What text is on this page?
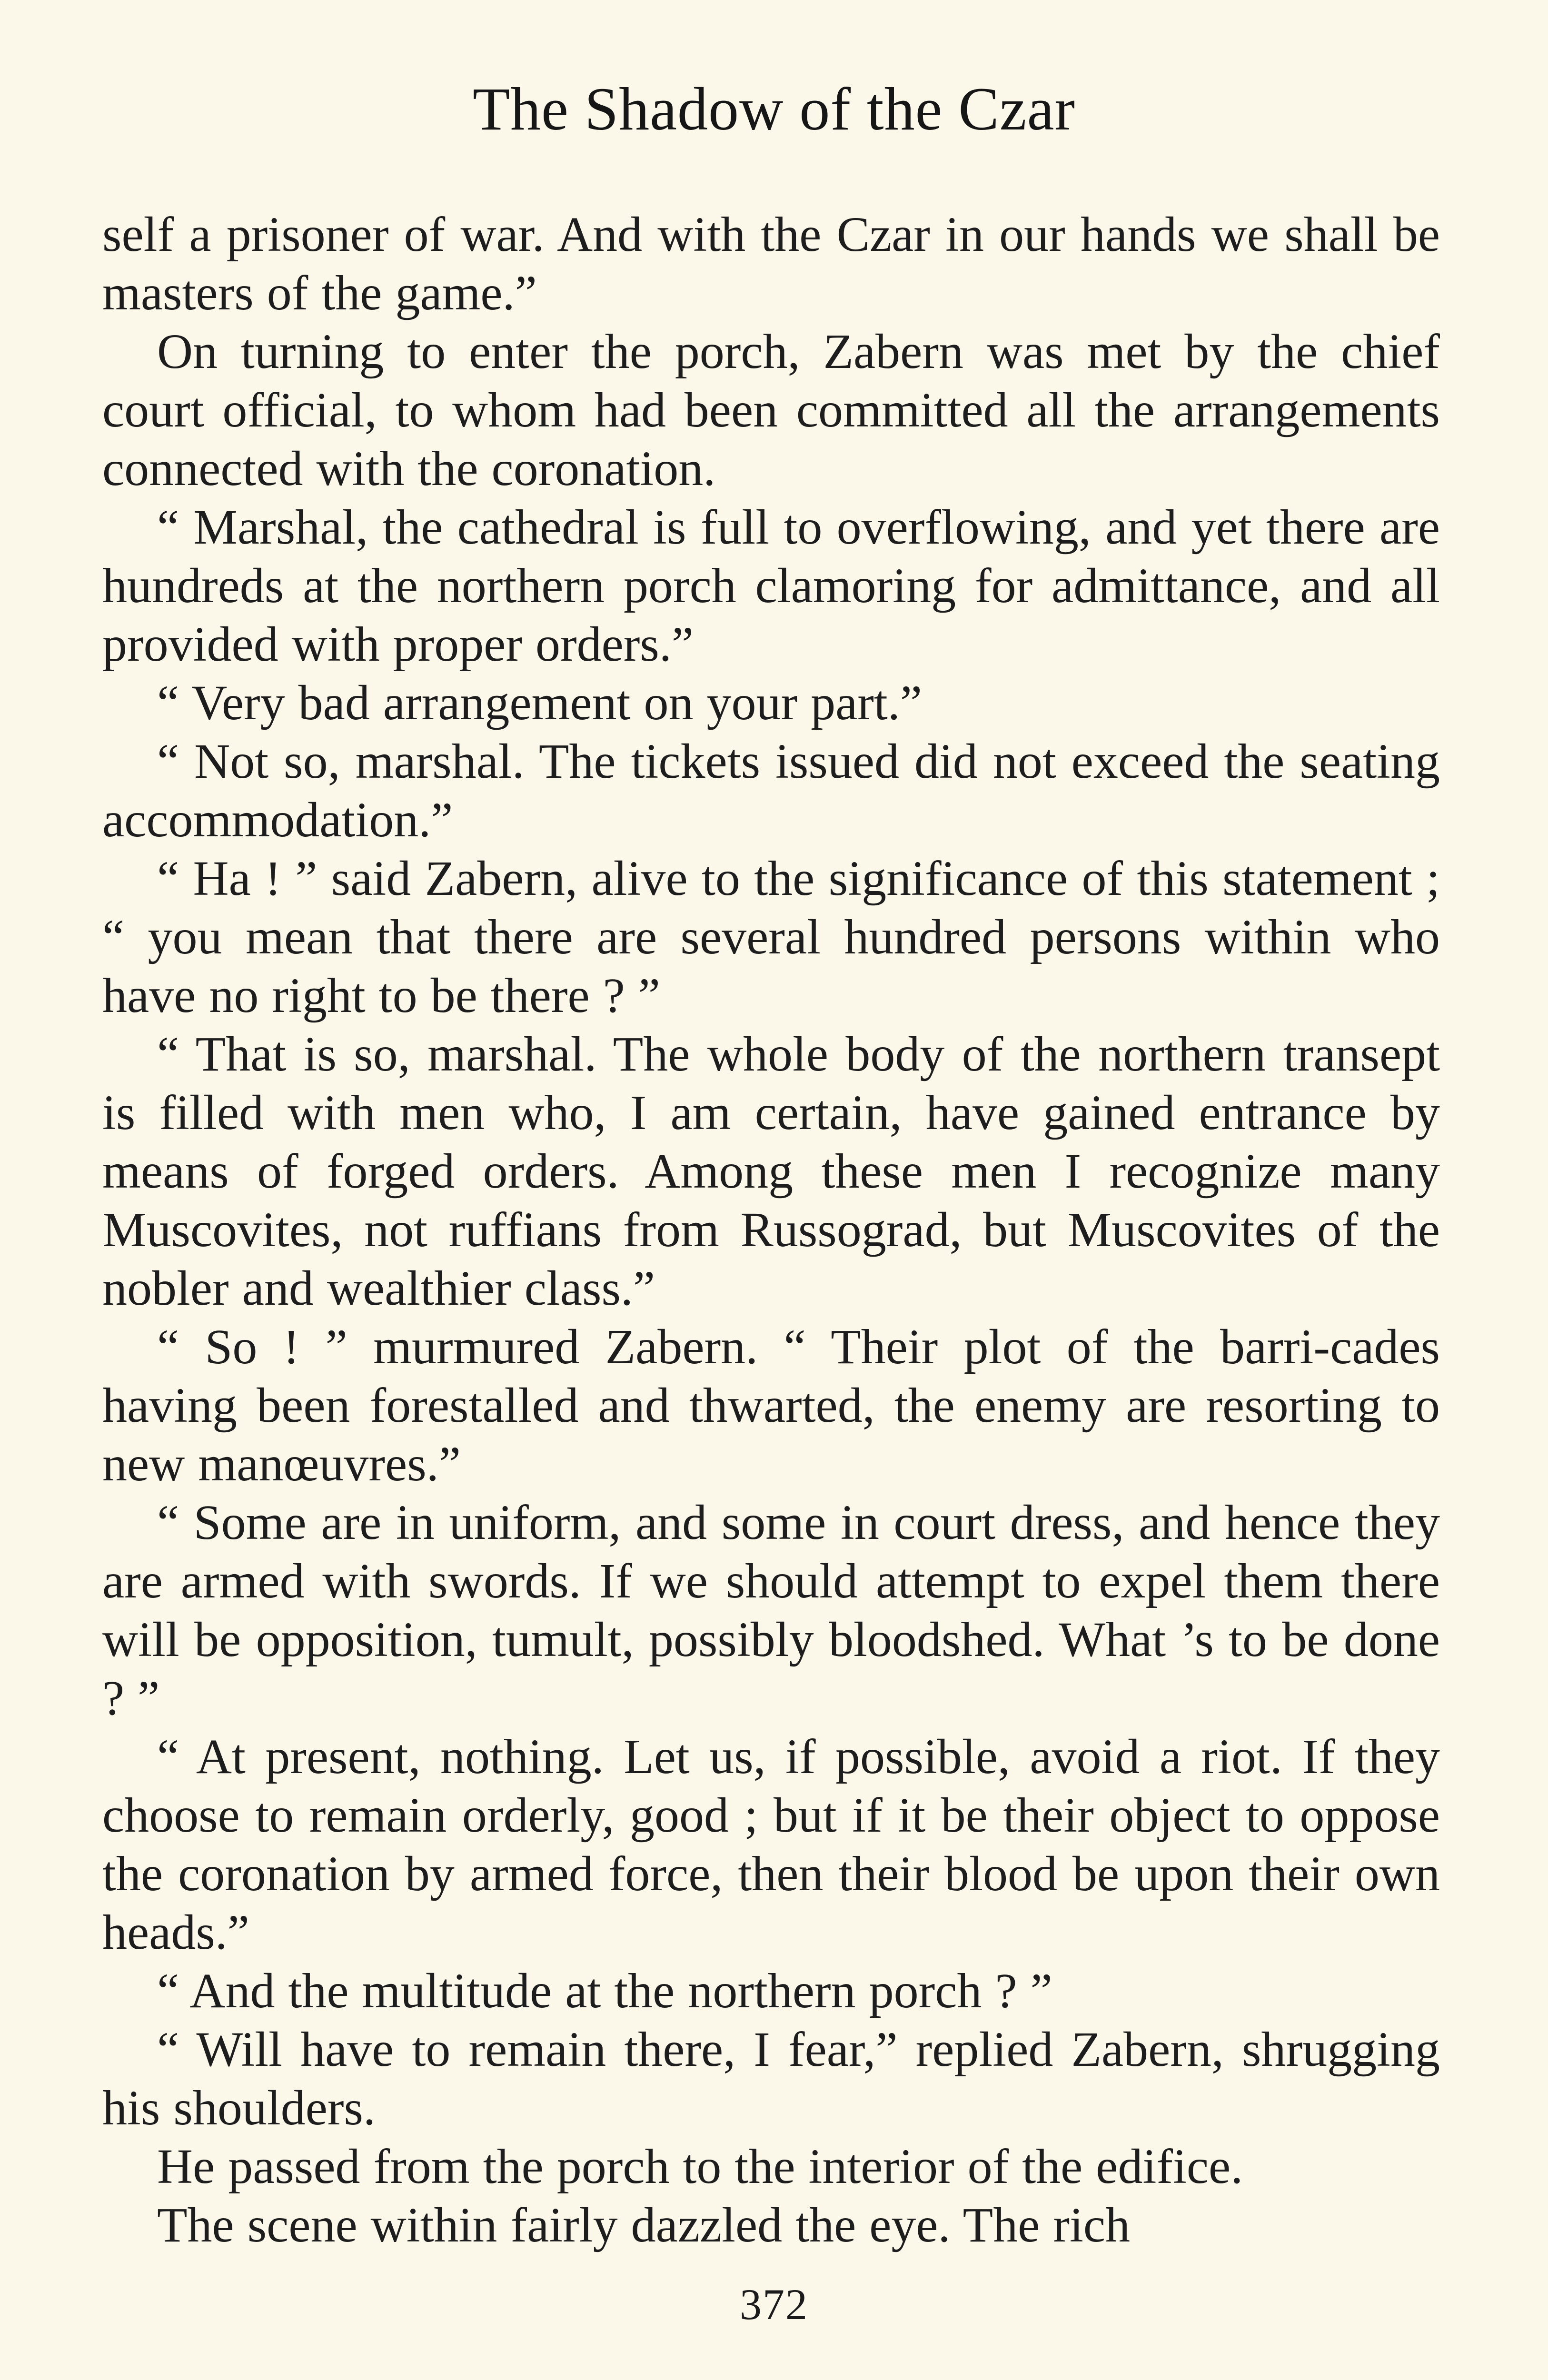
The Shadow of the Czar

self a prisoner of war. And with the Czar in our hands we shall be masters of the game.”

On turning to enter the porch, Zabern was met by the chief court official, to whom had been committed all the arrangements connected with the coronation.

“ Marshal, the cathedral is full to overflowing, and yet there are hundreds at the northern porch clamoring for admittance, and all provided with proper orders.”

“ Very bad arrangement on your part.”

“ Not so, marshal. The tickets issued did not exceed the seating accommodation.”

“ Ha ! ” said Zabern, alive to the significance of this statement ; “ you mean that there are several hundred persons within who have no right to be there ? ”

“ That is so, marshal. The whole body of the northern transept is filled with men who, I am certain, have gained entrance by means of forged orders. Among these men I recognize many Muscovites, not ruffians from Russograd, but Muscovites of the nobler and wealthier class.”

“ So ! ” murmured Zabern. “ Their plot of the barri-cades having been forestalled and thwarted, the enemy are resorting to new manœuvres.”

“ Some are in uniform, and some in court dress, and hence they are armed with swords. If we should attempt to expel them there will be opposition, tumult, possibly bloodshed. What ’s to be done ? ”

“ At present, nothing. Let us, if possible, avoid a riot. If they choose to remain orderly, good ; but if it be their object to oppose the coronation by armed force, then their blood be upon their own heads.”

“ And the multitude at the northern porch ? ”

“ Will have to remain there, I fear,” replied Zabern, shrugging his shoulders.

He passed from the porch to the interior of the edifice.

The scene within fairly dazzled the eye. The rich

372
